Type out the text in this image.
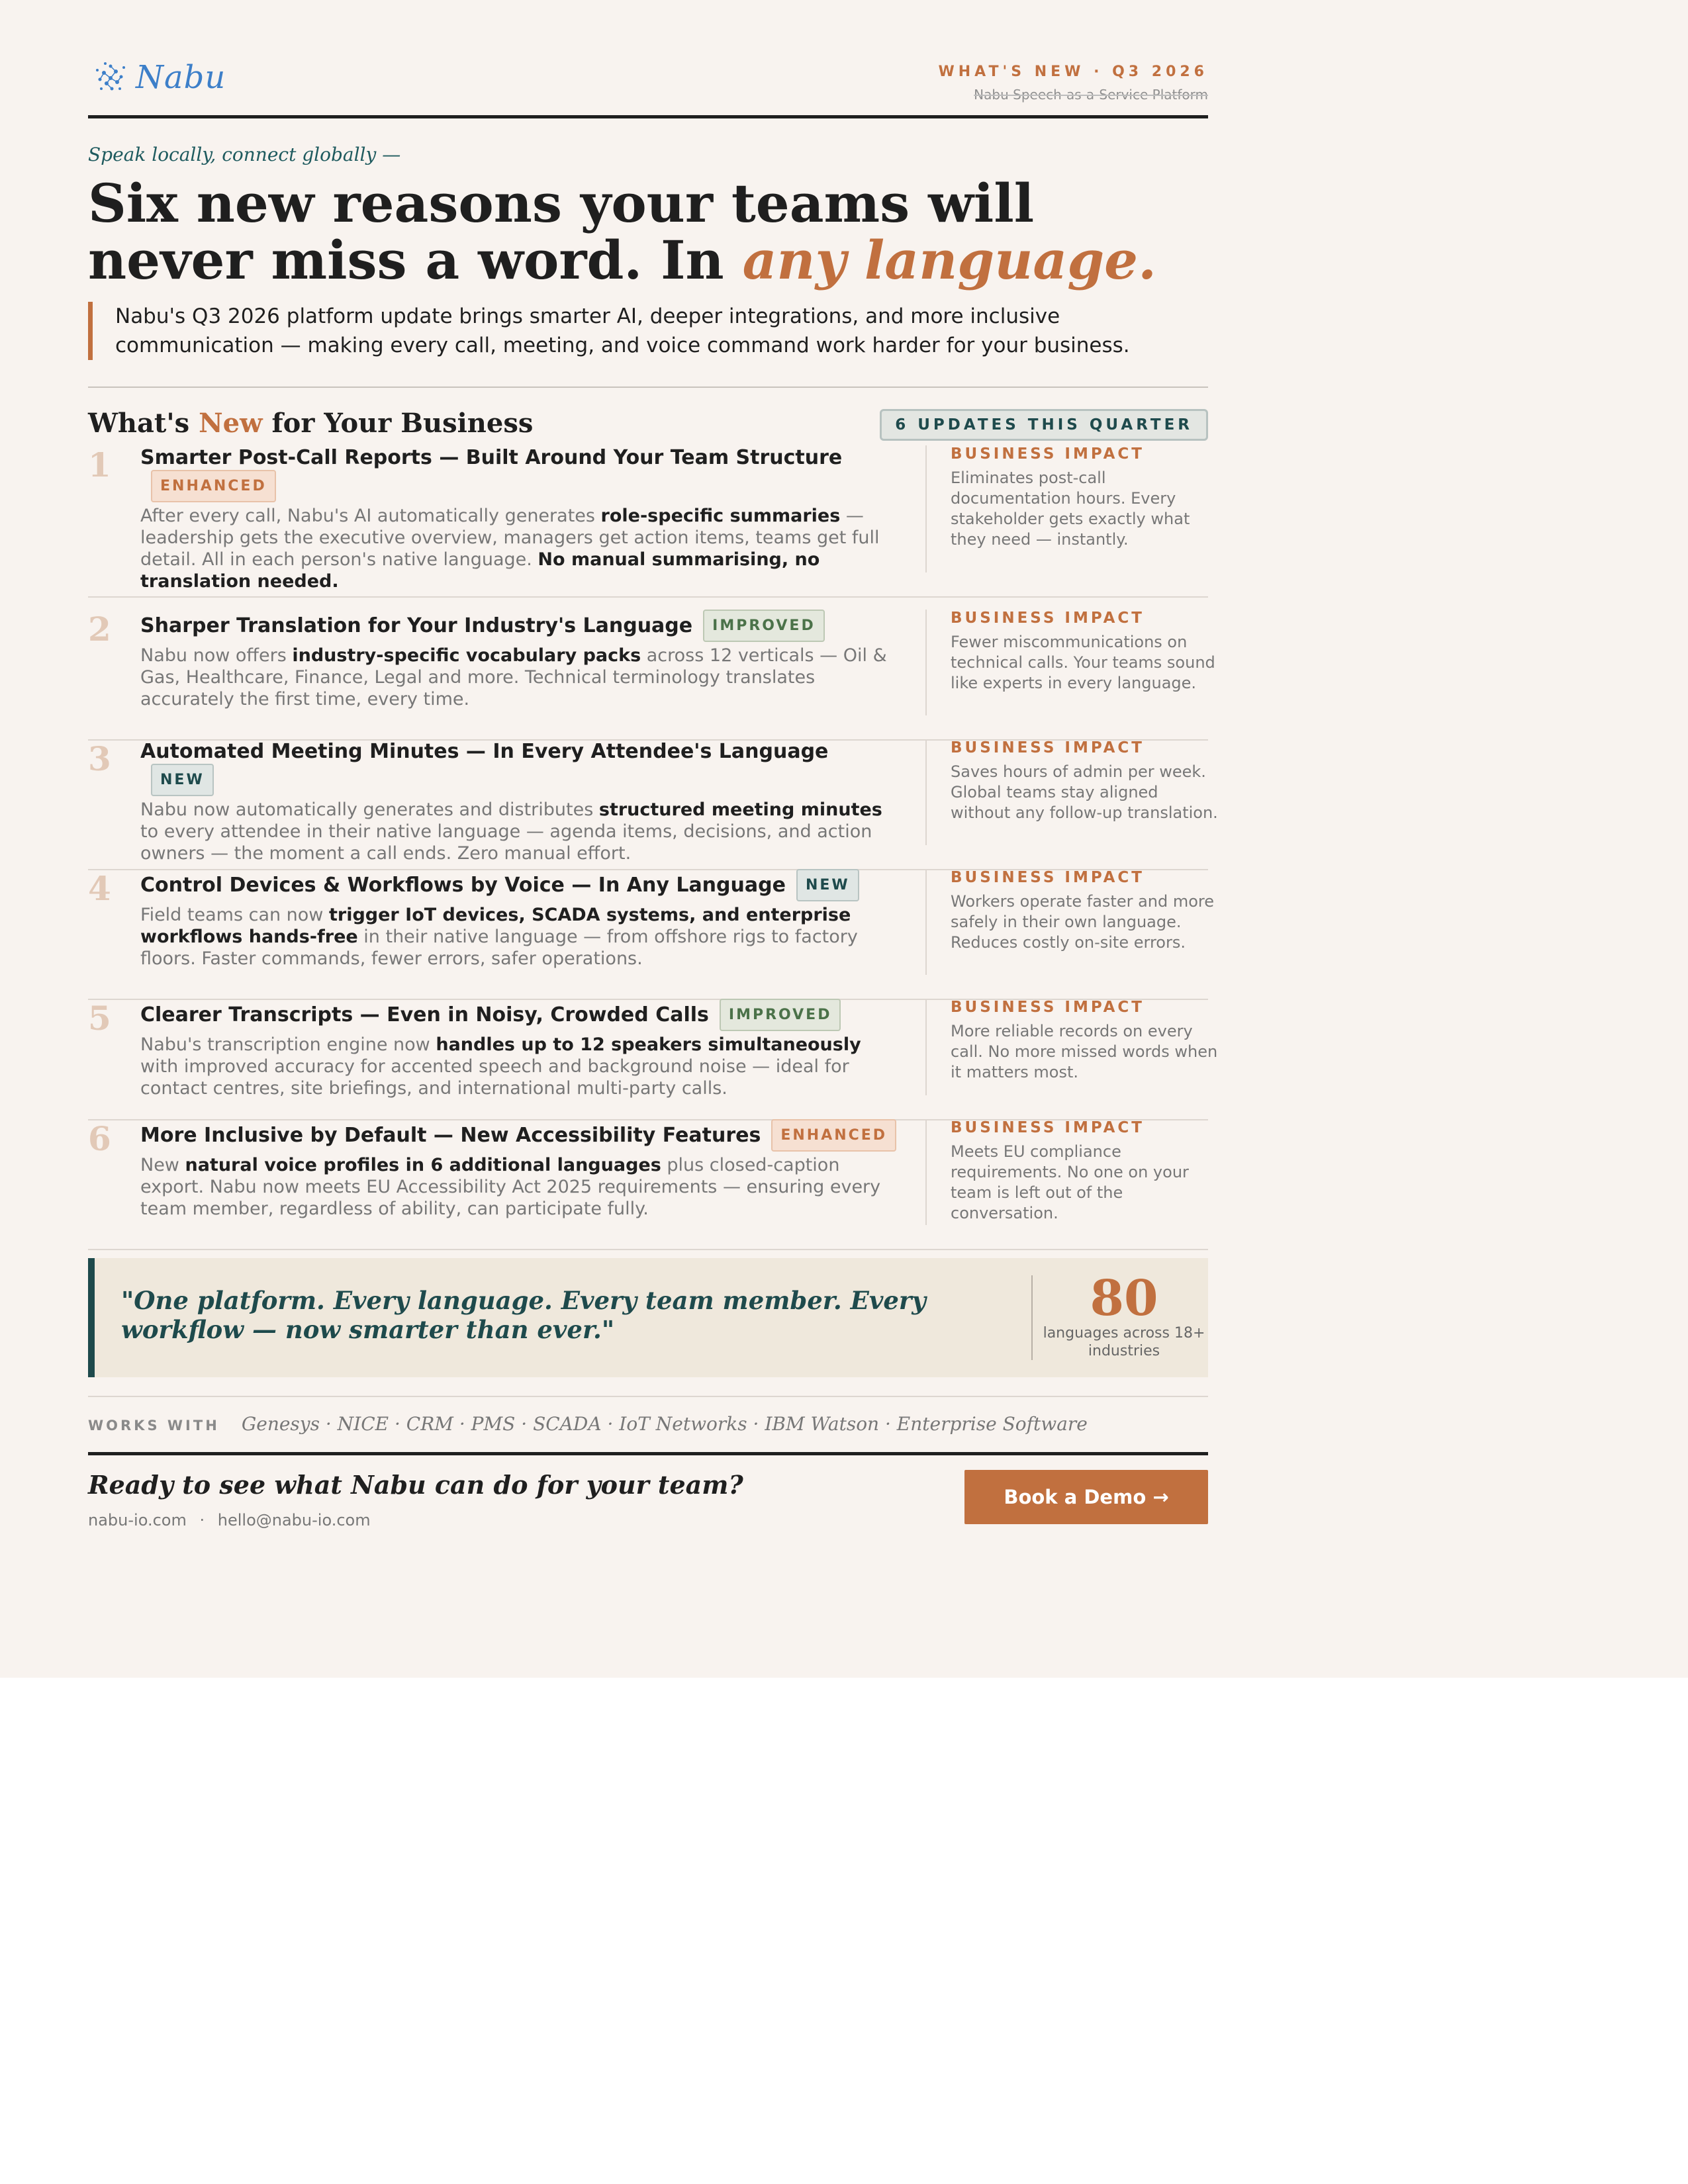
Nabu	WHAT'S NEW · Q3 2026
Nabu Speech-as-a-Service Platform
Speak locally, connect globally —
Six new reasons your teams will
never miss a word. In any language.
Nabu's Q3 2026 platform update brings smarter AI, deeper integrations, and more inclusive communication — making every call, meeting, and voice command work harder for your business.
What's New for Your Business	6 UPDATES THIS QUARTER
1 Smarter Post-Call Reports — Built Around Your Team StructureENHANCED
After every call, Nabu's AI automatically generates role-specific summaries — leadership gets the executive overview, managers get action items, teams get full detail. All in each person's native language. No manual summarising, no translation needed.
BUSINESS IMPACT
Eliminates post-call documentation hours. Every stakeholder gets exactly what they need — instantly.
2 Sharper Translation for Your Industry's Language IMPROVED
Nabu now offers industry-specific vocabulary packs across 12 verticals — Oil & Gas, Healthcare, Finance, Legal and more. Technical terminology translates accurately the first time, every time.
BUSINESS IMPACT
Fewer miscommunications on technical calls. Your teams sound like experts in every language.
3 Automated Meeting Minutes — In Every Attendee's LanguageNEW
Nabu now automatically generates and distributes structured meeting minutes to every attendee in their native language — agenda items, decisions, and action owners — the moment a call ends. Zero manual effort.
BUSINESS IMPACT
Saves hours of admin per week. Global teams stay aligned without any follow-up translation.
4 Control Devices & Workflows by Voice — In Any Language NEW
Field teams can now trigger IoT devices, SCADA systems, and enterprise workflows hands-free in their native language — from offshore rigs to factory floors. Faster commands, fewer errors, safer operations.
BUSINESS IMPACT
Workers operate faster and more safely in their own language. Reduces costly on-site errors.
5 Clearer Transcripts — Even in Noisy, Crowded Calls IMPROVED
Nabu's transcription engine now handles up to 12 speakers simultaneously with improved accuracy for accented speech and background noise — ideal for contact centres, site briefings, and international multi-party calls.
BUSINESS IMPACT
More reliable records on every call. No more missed words when it matters most.
6 More Inclusive by Default — New Accessibility Features ENHANCED
New natural voice profiles in 6 additional languages plus closed-caption export. Nabu now meets EU Accessibility Act 2025 requirements — ensuring every team member, regardless of ability, can participate fully.
BUSINESS IMPACT
Meets EU compliance requirements. No one on your team is left out of the conversation.
"One platform. Every language. Every team member. Every workflow — now smarter than ever."
80
languages across 18+ industries
WORKS WITH Genesys · NICE · CRM · PMS · SCADA · IoT Networks · IBM Watson · Enterprise Software
Ready to see what Nabu can do for your team?
nabu-io.com · hello@nabu-io.com
Book a Demo →
